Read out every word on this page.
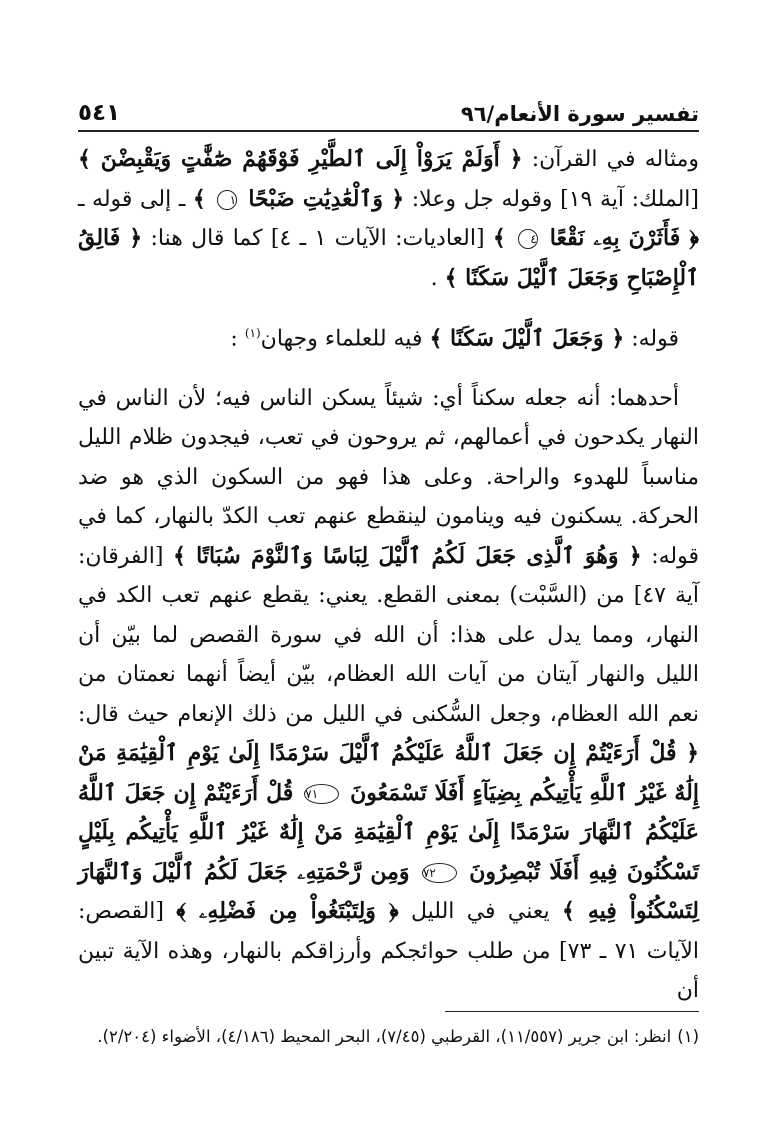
تفسير سورة الأنعام/٩٦
٥٤١

ومثاله في القرآن: ﴿ أَوَلَمْ يَرَوْاْ إِلَى ٱلطَّيْرِ فَوْقَهُمْ صَٰٓفَّٰتٍ وَيَقْبِضْنَ ﴾ [الملك: آية ١٩] وقوله جل وعلا: ﴿ وَٱلْعَٰدِيَٰتِ ضَبْحًا ١ ﴾ ـ إلى قوله ـ ﴿ فَأَثَرْنَ بِهِۦ نَقْعًا ٤ ﴾ [العاديات: الآيات ١ ـ ٤] كما قال هنا: ﴿ فَالِقُ ٱلْإِصْبَاحِ وَجَعَلَ ٱلَّيْلَ سَكَنًا ﴾ .

قوله: ﴿ وَجَعَلَ ٱلَّيْلَ سَكَنًا ﴾ فيه للعلماء وجهان$^{(١)}$ :

أحدهما: أنه جعله سكناً أي: شيئاً يسكن الناس فيه؛ لأن الناس في النهار يكدحون في أعمالهم، ثم يروحون في تعب، فيجدون ظلام الليل مناسباً للهدوء والراحة. وعلى هذا فهو من السكون الذي هو ضد الحركة. يسكنون فيه وينامون لينقطع عنهم تعب الكدّ بالنهار، كما في قوله: ﴿ وَهُوَ ٱلَّذِى جَعَلَ لَكُمُ ٱلَّيْلَ لِبَاسًا وَٱلنَّوْمَ سُبَاتًا ﴾ [الفرقان: آية ٤٧] من (السَّبْت) بمعنى القطع. يعني: يقطع عنهم تعب الكد في النهار، ومما يدل على هذا: أن الله في سورة القصص لما بيّن أن الليل والنهار آيتان من آيات الله العظام، بيّن أيضاً أنهما نعمتان من نعم الله العظام، وجعل السُّكنى في الليل من ذلك الإنعام حيث قال: ﴿ قُلْ أَرَءَيْتُمْ إِن جَعَلَ ٱللَّهُ عَلَيْكُمُ ٱلَّيْلَ سَرْمَدًا إِلَىٰ يَوْمِ ٱلْقِيَٰمَةِ مَنْ إِلَٰهٌ غَيْرُ ٱللَّهِ يَأْتِيكُم بِضِيَآءٍ أَفَلَا تَسْمَعُونَ ٧١ قُلْ أَرَءَيْتُمْ إِن جَعَلَ ٱللَّهُ عَلَيْكُمُ ٱلنَّهَارَ سَرْمَدًا إِلَىٰ يَوْمِ ٱلْقِيَٰمَةِ مَنْ إِلَٰهٌ غَيْرُ ٱللَّهِ يَأْتِيكُم بِلَيْلٍ تَسْكُنُونَ فِيهِ أَفَلَا تُبْصِرُونَ ٧٢ وَمِن رَّحْمَتِهِۦ جَعَلَ لَكُمُ ٱلَّيْلَ وَٱلنَّهَارَ لِتَسْكُنُواْ فِيهِ ﴾ يعني في الليل ﴿ وَلِتَبْتَغُواْ مِن فَضْلِهِۦ ﴾ [القصص: الآيات ٧١ ـ ٧٣] من طلب حوائجكم وأرزاقكم بالنهار، وهذه الآية تبين أن

(١)انظر: ابن جرير (١١/٥٥٧)، القرطبي (٧/٤٥)، البحر المحيط (٤/١٨٦)، الأضواء (٢/٢٠٤).
